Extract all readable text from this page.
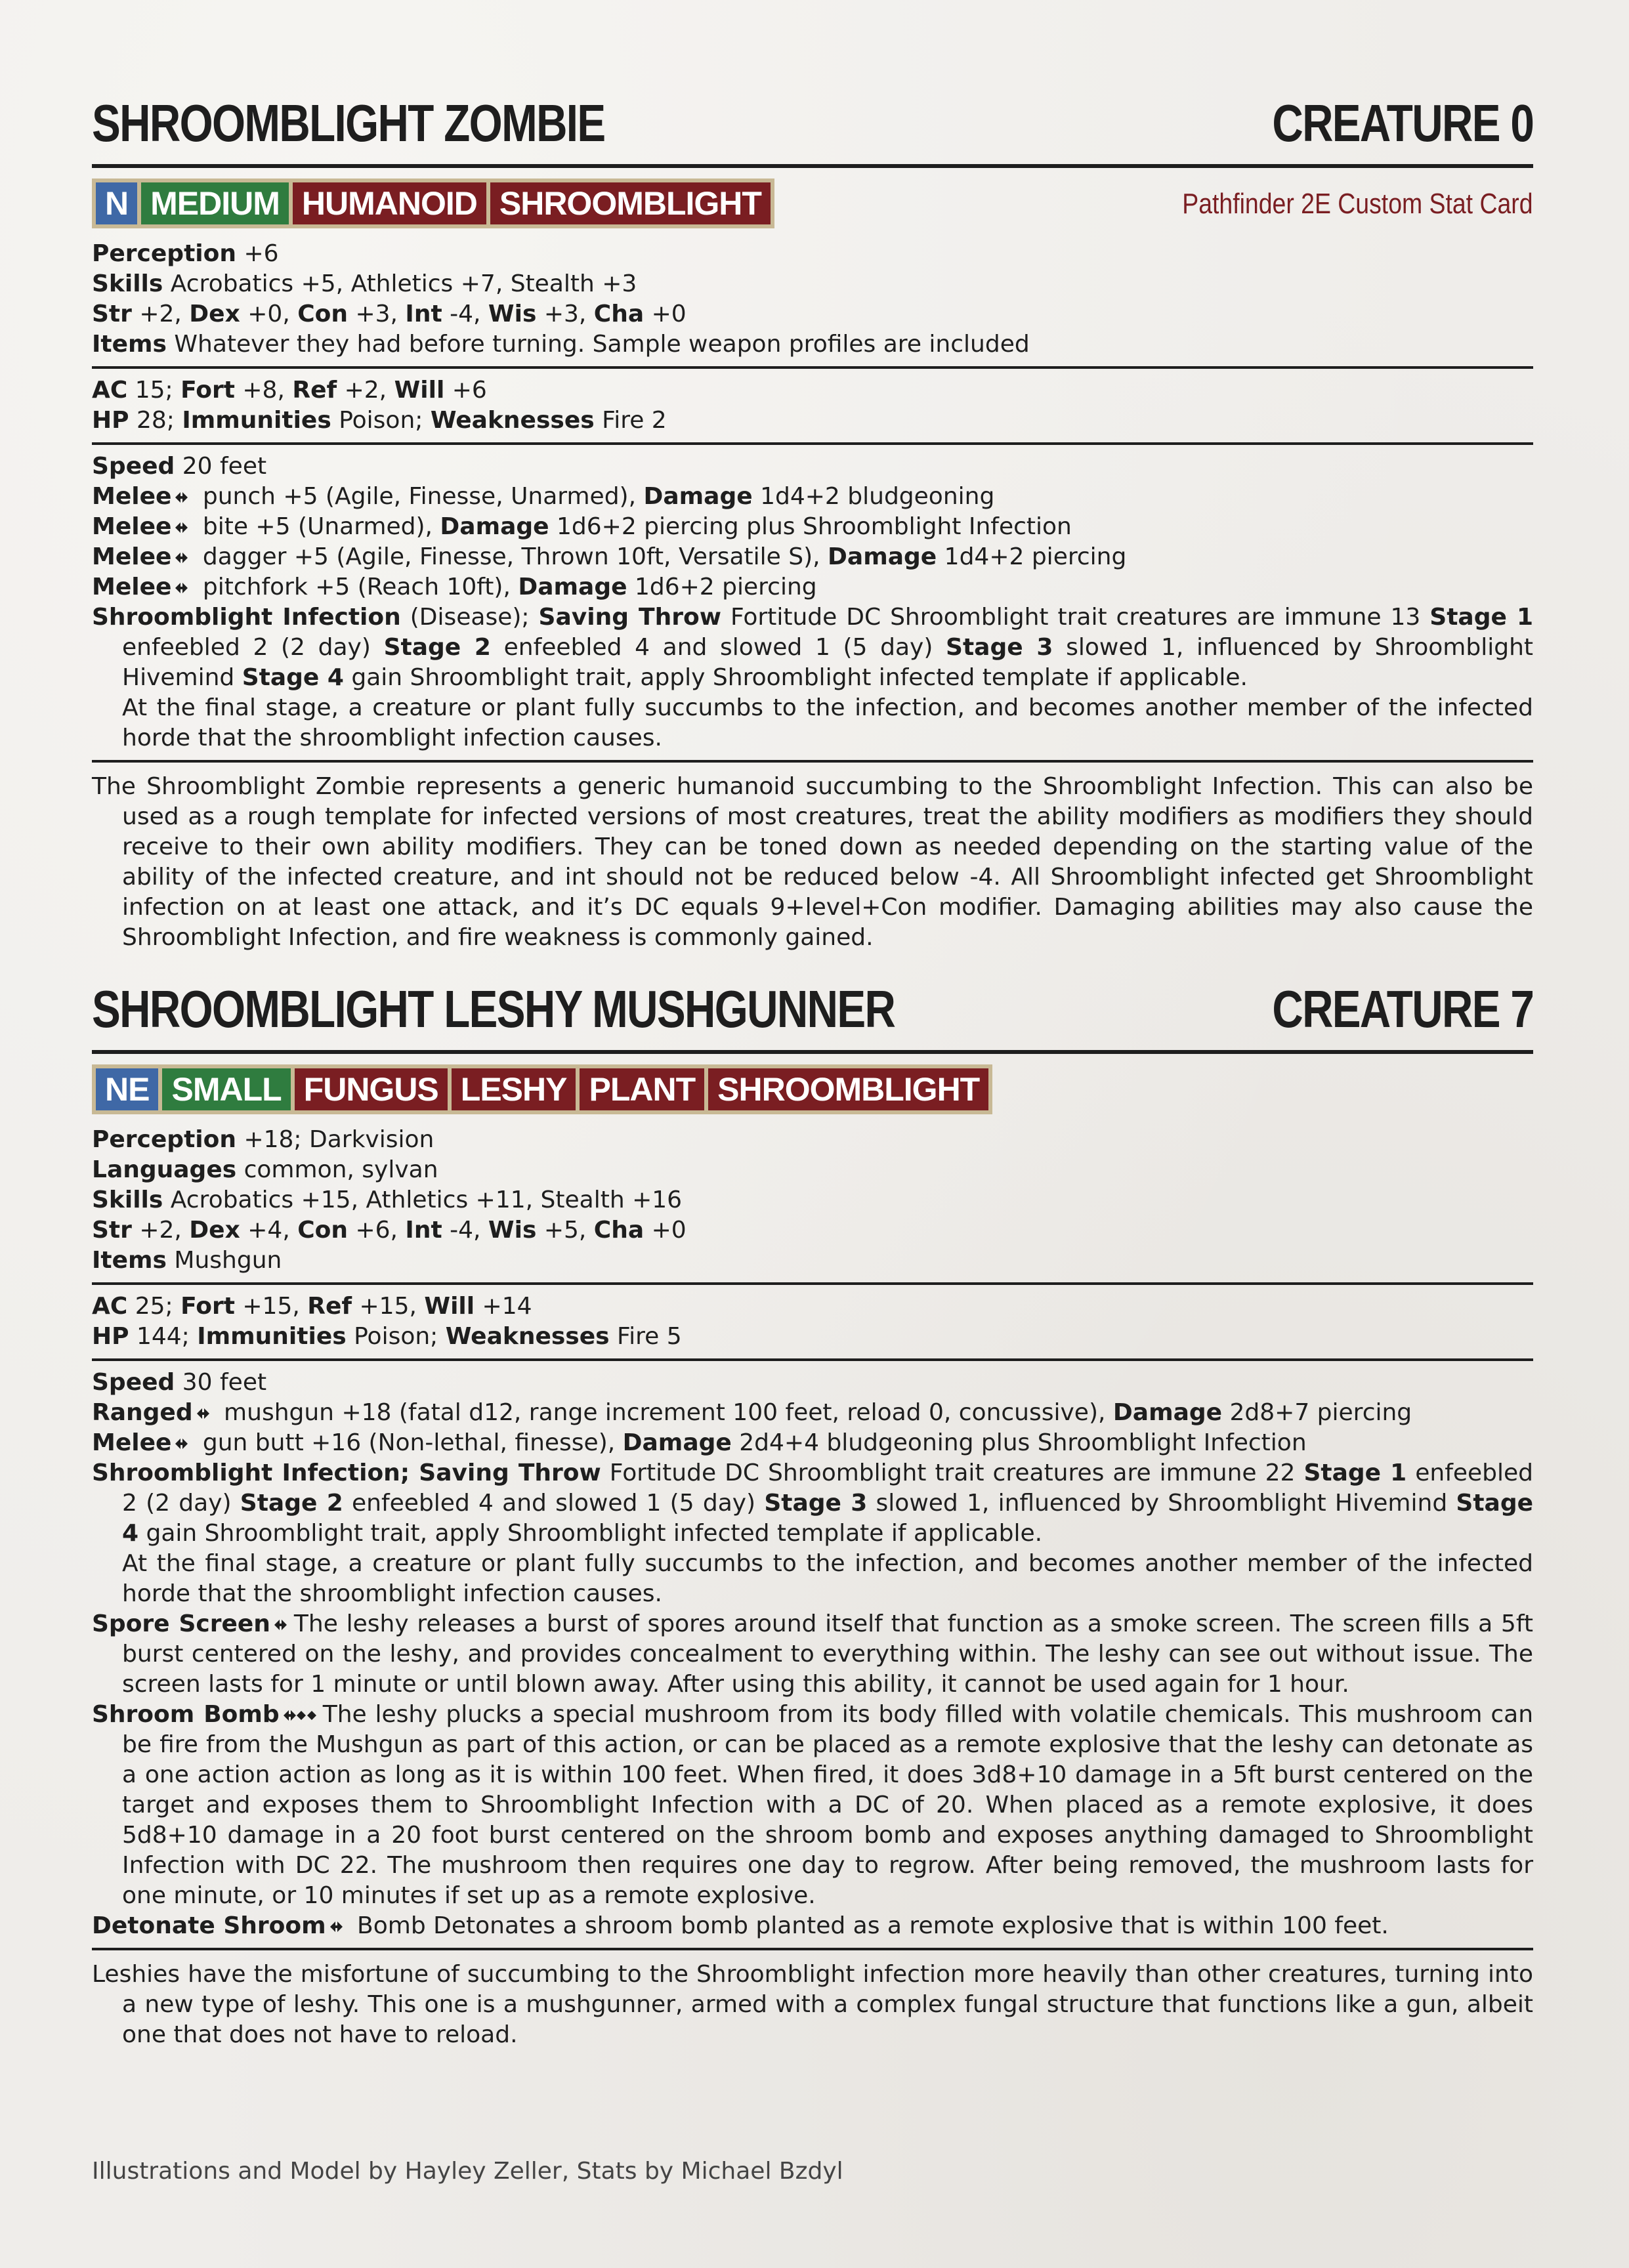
SHROOMBLIGHT ZOMBIE	CREATURE 0
N MEDIUM HUMANOID SHROOMBLIGHT	Pathfinder 2E Custom Stat Card
Perception +6
Skills Acrobatics +5, Athletics +7, Stealth +3
Str +2, Dex +0, Con +3, Int -4, Wis +3, Cha +0
Items Whatever they had before turning. Sample weapon profiles are included
AC 15; Fort +8, Ref +2, Will +6
HP 28; Immunities Poison; Weaknesses Fire 2
Speed 20 feet
Melee punch +5 (Agile, Finesse, Unarmed), Damage 1d4+2 bludgeoning
Melee bite +5 (Unarmed), Damage 1d6+2 piercing plus Shroomblight Infection
Melee dagger +5 (Agile, Finesse, Thrown 10ft, Versatile S), Damage 1d4+2 piercing
Melee pitchfork +5 (Reach 10ft), Damage 1d6+2 piercing
Shroomblight Infection (Disease); Saving Throw Fortitude DC Shroomblight trait creatures are immune 13 Stage 1 enfeebled 2 (2 day) Stage 2 enfeebled 4 and slowed 1 (5 day) Stage 3 slowed 1, influenced by Shroomblight Hivemind Stage 4 gain Shroomblight trait, apply Shroomblight infected template if applicable.
At the final stage, a creature or plant fully succumbs to the infection, and becomes another member of the infected horde that the shroomblight infection causes.
The Shroomblight Zombie represents a generic humanoid succumbing to the Shroomblight Infection. This can also be used as a rough template for infected versions of most creatures, treat the ability modifiers as modifiers they should receive to their own ability modifiers. They can be toned down as needed depending on the starting value of the ability of the infected creature, and int should not be reduced below -4. All Shroomblight infected get Shroomblight infection on at least one attack, and it’s DC equals 9+level+Con modifier. Damaging abilities may also cause the Shroomblight Infection, and fire weakness is commonly gained.
SHROOMBLIGHT LESHY MUSHGUNNER	CREATURE 7
NE SMALL FUNGUS LESHY PLANT SHROOMBLIGHT
Perception +18; Darkvision
Languages common, sylvan
Skills Acrobatics +15, Athletics +11, Stealth +16
Str +2, Dex +4, Con +6, Int -4, Wis +5, Cha +0
Items Mushgun
AC 25; Fort +15, Ref +15, Will +14
HP 144; Immunities Poison; Weaknesses Fire 5
Speed 30 feet
Ranged mushgun +18 (fatal d12, range increment 100 feet, reload 0, concussive), Damage 2d8+7 piercing
Melee gun butt +16 (Non-lethal, finesse), Damage 2d4+4 bludgeoning plus Shroomblight Infection
Shroomblight Infection; Saving Throw Fortitude DC Shroomblight trait creatures are immune 22 Stage 1 enfeebled 2 (2 day) Stage 2 enfeebled 4 and slowed 1 (5 day) Stage 3 slowed 1, influenced by Shroomblight Hivemind Stage 4 gain Shroomblight trait, apply Shroomblight infected template if applicable.
At the final stage, a creature or plant fully succumbs to the infection, and becomes another member of the infected horde that the shroomblight infection causes.
Spore Screen The leshy releases a burst of spores around itself that function as a smoke screen. The screen fills a 5ft burst centered on the leshy, and provides concealment to everything within. The leshy can see out without issue. The screen lasts for 1 minute or until blown away. After using this ability, it cannot be used again for 1 hour.
Shroom Bomb The leshy plucks a special mushroom from its body filled with volatile chemicals. This mushroom can be fire from the Mushgun as part of this action, or can be placed as a remote explosive that the leshy can detonate as a one action action as long as it is within 100 feet. When fired, it does 3d8+10 damage in a 5ft burst centered on the target and exposes them to Shroomblight Infection with a DC of 20. When placed as a remote explosive, it does 5d8+10 damage in a 20 foot burst centered on the shroom bomb and exposes anything damaged to Shroomblight Infection with DC 22. The mushroom then requires one day to regrow. After being removed, the mushroom lasts for one minute, or 10 minutes if set up as a remote explosive.
Detonate Shroom Bomb Detonates a shroom bomb planted as a remote explosive that is within 100 feet.
Leshies have the misfortune of succumbing to the Shroomblight infection more heavily than other creatures, turning into a new type of leshy. This one is a mushgunner, armed with a complex fungal structure that functions like a gun, albeit one that does not have to reload.
Illustrations and Model by Hayley Zeller, Stats by Michael Bzdyl
